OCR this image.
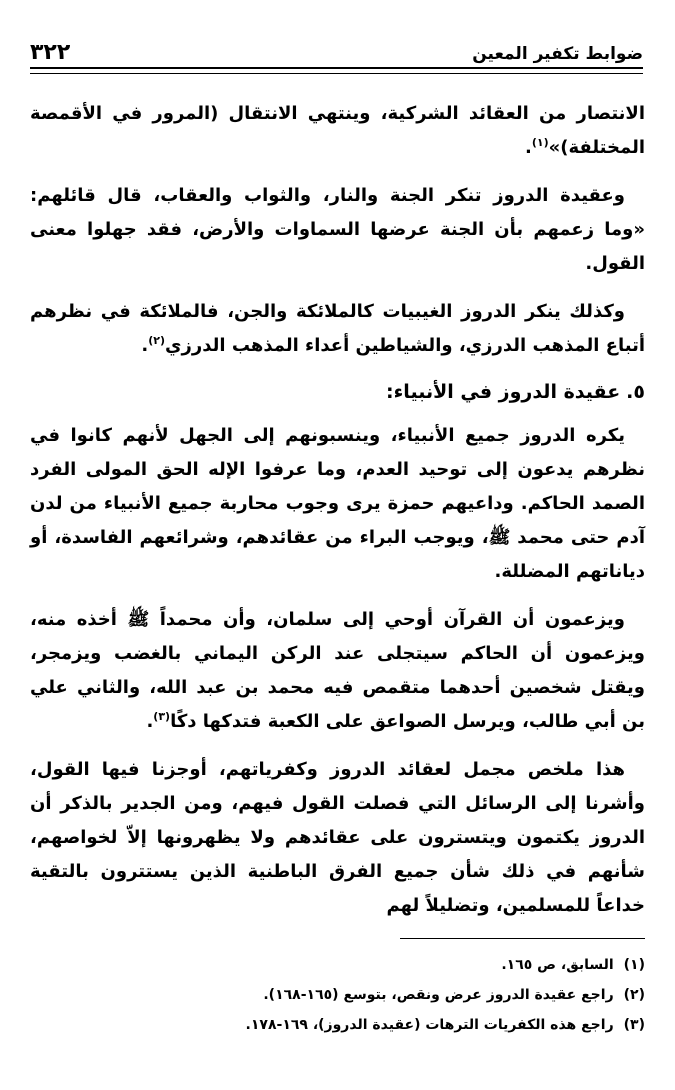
ضوابط تكفير المعين
٣٢٢

الانتصار من العقائد الشركية، وينتهي الانتقال (المرور في الأقمصة المختلفة)»$^{(١)}$.

وعقيدة الدروز تنكر الجنة والنار، والثواب والعقاب، قال قائلهم: «وما زعمهم بأن الجنة عرضها السماوات والأرض، فقد جهلوا معنى القول.

وكذلك ينكر الدروز الغيبيات كالملائكة والجن، فالملائكة في نظرهم أتباع المذهب الدرزي، والشياطين أعداء المذهب الدرزي$^{(٢)}$.

٥.عقيدة الدروز في الأنبياء:

يكره الدروز جميع الأنبياء، وينسبونهم إلى الجهل لأنهم كانوا في نظرهم يدعون إلى توحيد العدم، وما عرفوا الإله الحق المولى الفرد الصمد الحاكم. وداعيهم حمزة يرى وجوب محاربة جميع الأنبياء من لدن آدم حتى محمد ﷺ، ويوجب البراء من عقائدهم، وشرائعهم الفاسدة، أو دياناتهم المضللة.

ويزعمون أن القرآن أوحي إلى سلمان، وأن محمداً ﷺ أخذه منه، ويزعمون أن الحاكم سيتجلى عند الركن اليماني بالغضب ويزمجر، ويقتل شخصين أحدهما متقمص فيه محمد بن عبد الله، والثاني علي بن أبي طالب، ويرسل الصواعق على الكعبة فتدكها دكًا$^{(٣)}$.

هذا ملخص مجمل لعقائد الدروز وكفرياتهم، أوجزنا فيها القول، وأشرنا إلى الرسائل التي فصلت القول فيهم، ومن الجدير بالذكر أن الدروز يكتمون ويتسترون على عقائدهم ولا يظهرونها إلاّ لخواصهم، شأنهم في ذلك شأن جميع الفرق الباطنية الذين يستترون بالتقية خداعاً للمسلمين، وتضليلاً لهم

(١)السابق، ص ١٦٥.
(٢)راجع عقيدة الدروز عرض ونقص، بتوسع (١٦٥-١٦٨).
(٣)راجع هذه الكفريات الترهات (عقيدة الدروز)، ١٦٩-١٧٨.
